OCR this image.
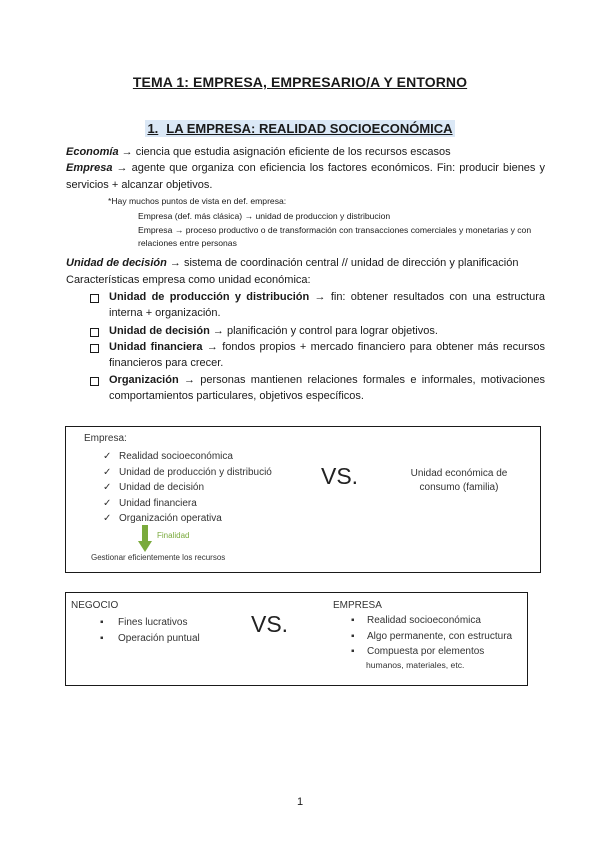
TEMA 1: EMPRESA, EMPRESARIO/A Y ENTORNO
1. LA EMPRESA: REALIDAD SOCIOECONÓMICA
Economía → ciencia que estudia asignación eficiente de los recursos escasos
Empresa → agente que organiza con eficiencia los factores económicos. Fin: producir bienes y servicios + alcanzar objetivos.
*Hay muchos puntos de vista en def. empresa:
Empresa (def. más clásica) → unidad de produccion y distribucion
Empresa → proceso productivo o de transformación con transacciones comerciales y monetarias y con relaciones entre personas
Unidad de decisión → sistema de coordinación central // unidad de dirección y planificación
Características empresa como unidad económica:
Unidad de producción y distribución → fin: obtener resultados con una estructura interna + organización.
Unidad de decisión → planificación y control para lograr objetivos.
Unidad financiera → fondos propios + mercado financiero para obtener más recursos financieros para crecer.
Organización → personas mantienen relaciones formales e informales, motivaciones comportamientos particulares, objetivos específicos.
Empresa:
✓ Realidad socioeconómica
✓ Unidad de producción y distribució
✓ Unidad de decisión
✓ Unidad financiera
✓ Organización operativa
Finalidad
Gestionar eficientemente los recursos
VS.	Unidad económica de consumo (familia)
NEGOCIO
▪ Fines lucrativos
▪ Operación puntual
VS.
EMPRESA
▪ Realidad socioeconómica
▪ Algo permanente, con estructura
▪ Compuesta por elementos
humanos, materiales, etc.
1
